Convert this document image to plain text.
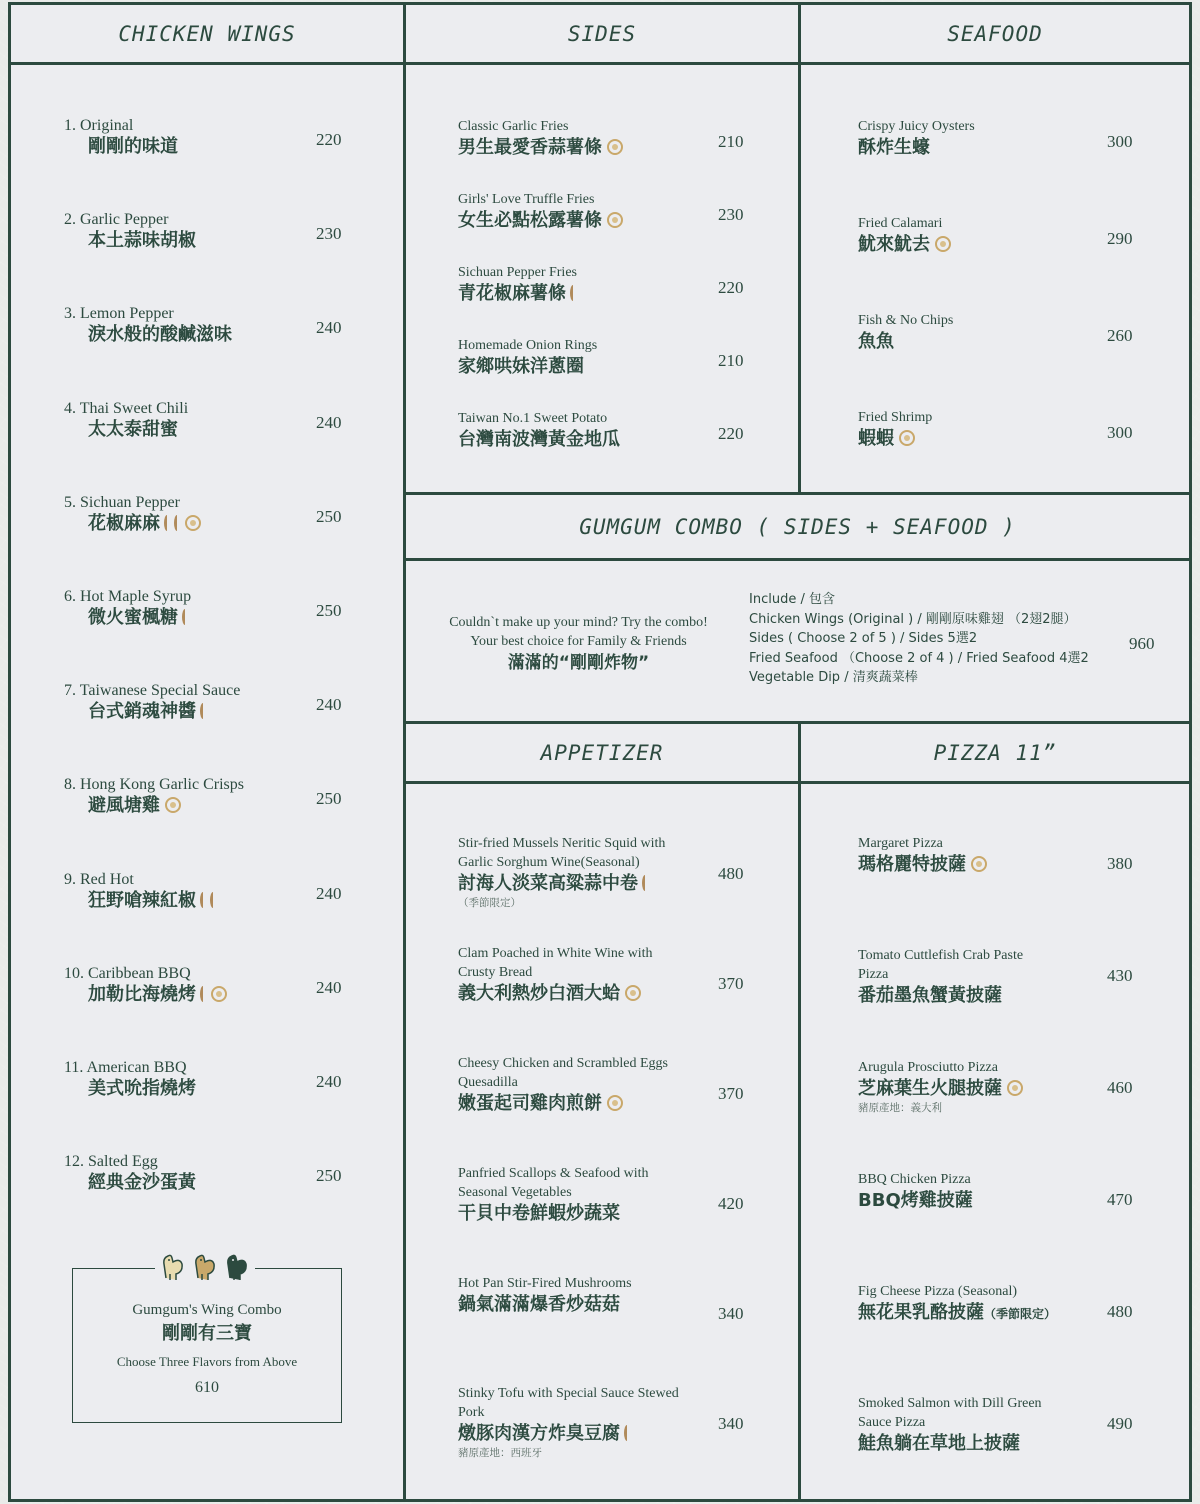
CHICKEN WINGS
1. Original
剛剛的味道	220
2. Garlic Pepper
本土蒜味胡椒	230
3. Lemon Pepper
淚水般的酸鹹滋味	240
4. Thai Sweet Chili
太太泰甜蜜	240
5. Sichuan Pepper
花椒麻麻	250
6. Hot Maple Syrup
微火蜜楓糖	250
7. Taiwanese Special Sauce
台式銷魂神醬	240
8. Hong Kong Garlic Crisps
避風塘雞	250
9. Red Hot
狂野嗆辣紅椒	240
10. Caribbean BBQ
加勒比海燒烤	240
11. American BBQ
美式吮指燒烤	240
12. Salted Egg
經典金沙蛋黃	250
SIDES
Classic Garlic Fries
男生最愛香蒜薯條	210
Girls' Love Truffle Fries
女生必點松露薯條	230
Sichuan Pepper Fries
青花椒麻薯條	220
Homemade Onion Rings
家鄉哄妹洋蔥圈	210
Taiwan No.1 Sweet Potato
台灣南波灣黃金地瓜	220
SEAFOOD
Crispy Juicy Oysters
酥炸生蠔	300
Fried Calamari
魷來魷去	290
Fish & No Chips
魚魚	260
Fried Shrimp
蝦蝦	300
GUMGUM COMBO ( SIDES + SEAFOOD )
Couldn`t make up your mind? Try the combo!
Your best choice for Family & Friends
滿滿的“剛剛炸物”
Include / 包含
Chicken Wings (Original ) / 剛剛原味雞翅 （2翅2腿）
Sides ( Choose 2 of 5 ) / Sides 5選2
Fried Seafood （Choose 2 of 4 ) / Fried Seafood 4選2
Vegetable Dip / 清爽蔬菜棒
960
APPETIZER
Stir-fried Mussels Neritic Squid with Garlic Sorghum Wine(Seasonal)
討海人淡菜高粱蒜中卷
（季節限定）
480
Clam Poached in White Wine with Crusty Bread
義大利熱炒白酒大蛤	370
Cheesy Chicken and Scrambled Eggs Quesadilla
嫩蛋起司雞肉煎餅	370
Panfried Scallops & Seafood with Seasonal Vegetables
干貝中卷鮮蝦炒蔬菜	420
Hot Pan Stir-Fired Mushrooms
鍋氣滿滿爆香炒菇菇	340
Stinky Tofu with Special Sauce Stewed Pork
燉豚肉漢方炸臭豆腐
豬原產地：西班牙
340
PIZZA 11”
Margaret Pizza
瑪格麗特披薩	380
Tomato Cuttlefish Crab Paste Pizza
番茄墨魚蟹黃披薩
430
Arugula Prosciutto Pizza
芝麻葉生火腿披薩
豬原產地：義大利
460
BBQ Chicken Pizza
BBQ烤雞披薩	470
Fig Cheese Pizza (Seasonal)
無花果乳酪披薩（季節限定）	480
Smoked Salmon with Dill Green Sauce Pizza
鮭魚躺在草地上披薩
490
Gumgum's Wing Combo
剛剛有三寶
Choose Three Flavors from Above
610
